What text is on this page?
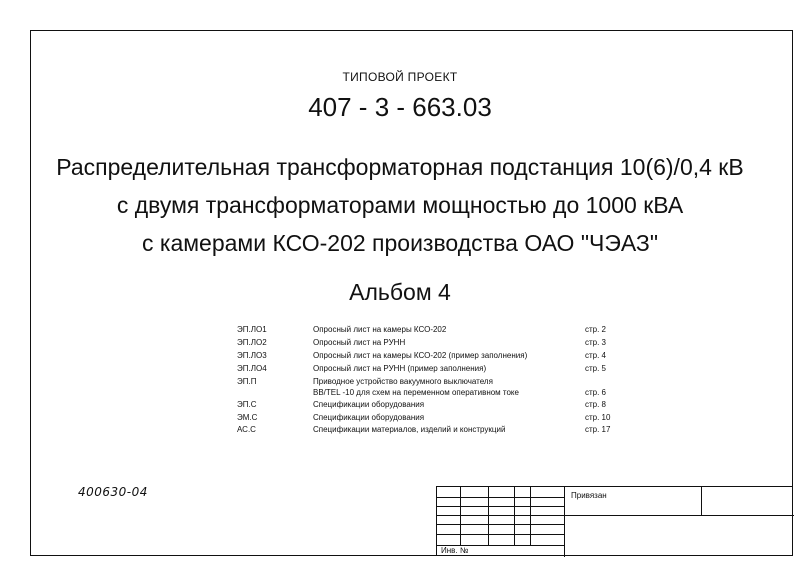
ТИПОВОЙ ПРОЕКТ
407 - 3 - 663.03
Распределительная трансформаторная подстанция 10(6)/0,4 кВ
с двумя трансформаторами мощностью до 1000 кВА
с камерами КСО-202 производства ОАО "ЧЭАЗ"
Альбом 4
ЭП.ЛО1	Опросный лист на камеры КСО-202	стр. 2
ЭП.ЛО2	Опросный лист на РУНН	стр. 3
ЭП.ЛО3	Опросный лист на камеры КСО-202 (пример заполнения)	стр. 4
ЭП.ЛО4	Опросный лист на РУНН (пример заполнения)	стр. 5
ЭП.П	Приводное устройство вакуумного выключателя
ВВ/TEL -10 для схем на переменном оперативном токе	стр. 6
ЭП.С	Спецификации оборудования	стр. 8
ЭМ.С	Спецификации оборудования	стр. 10
АС.С	Спецификации материалов, изделий и конструкций	стр. 17
400630-04	Привязан
Инв. №
